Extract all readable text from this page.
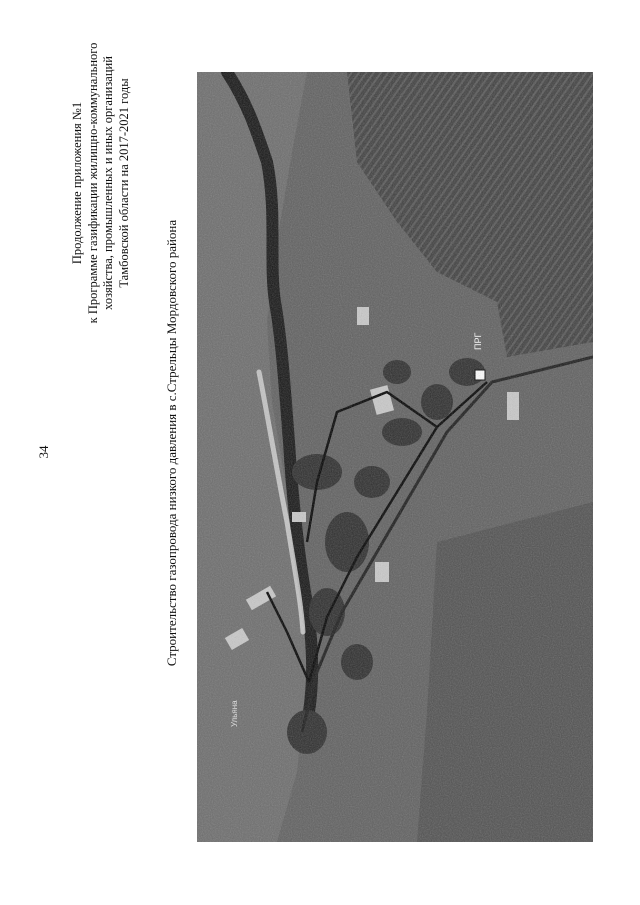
34
Продолжение приложения №1 к Программе газификации жилищно-коммунального хозяйства, промышленных и иных организаций Тамбовской области на 2017-2021 годы
Строительство газопровода низкого давления в с.Стрельцы Мордовского района
